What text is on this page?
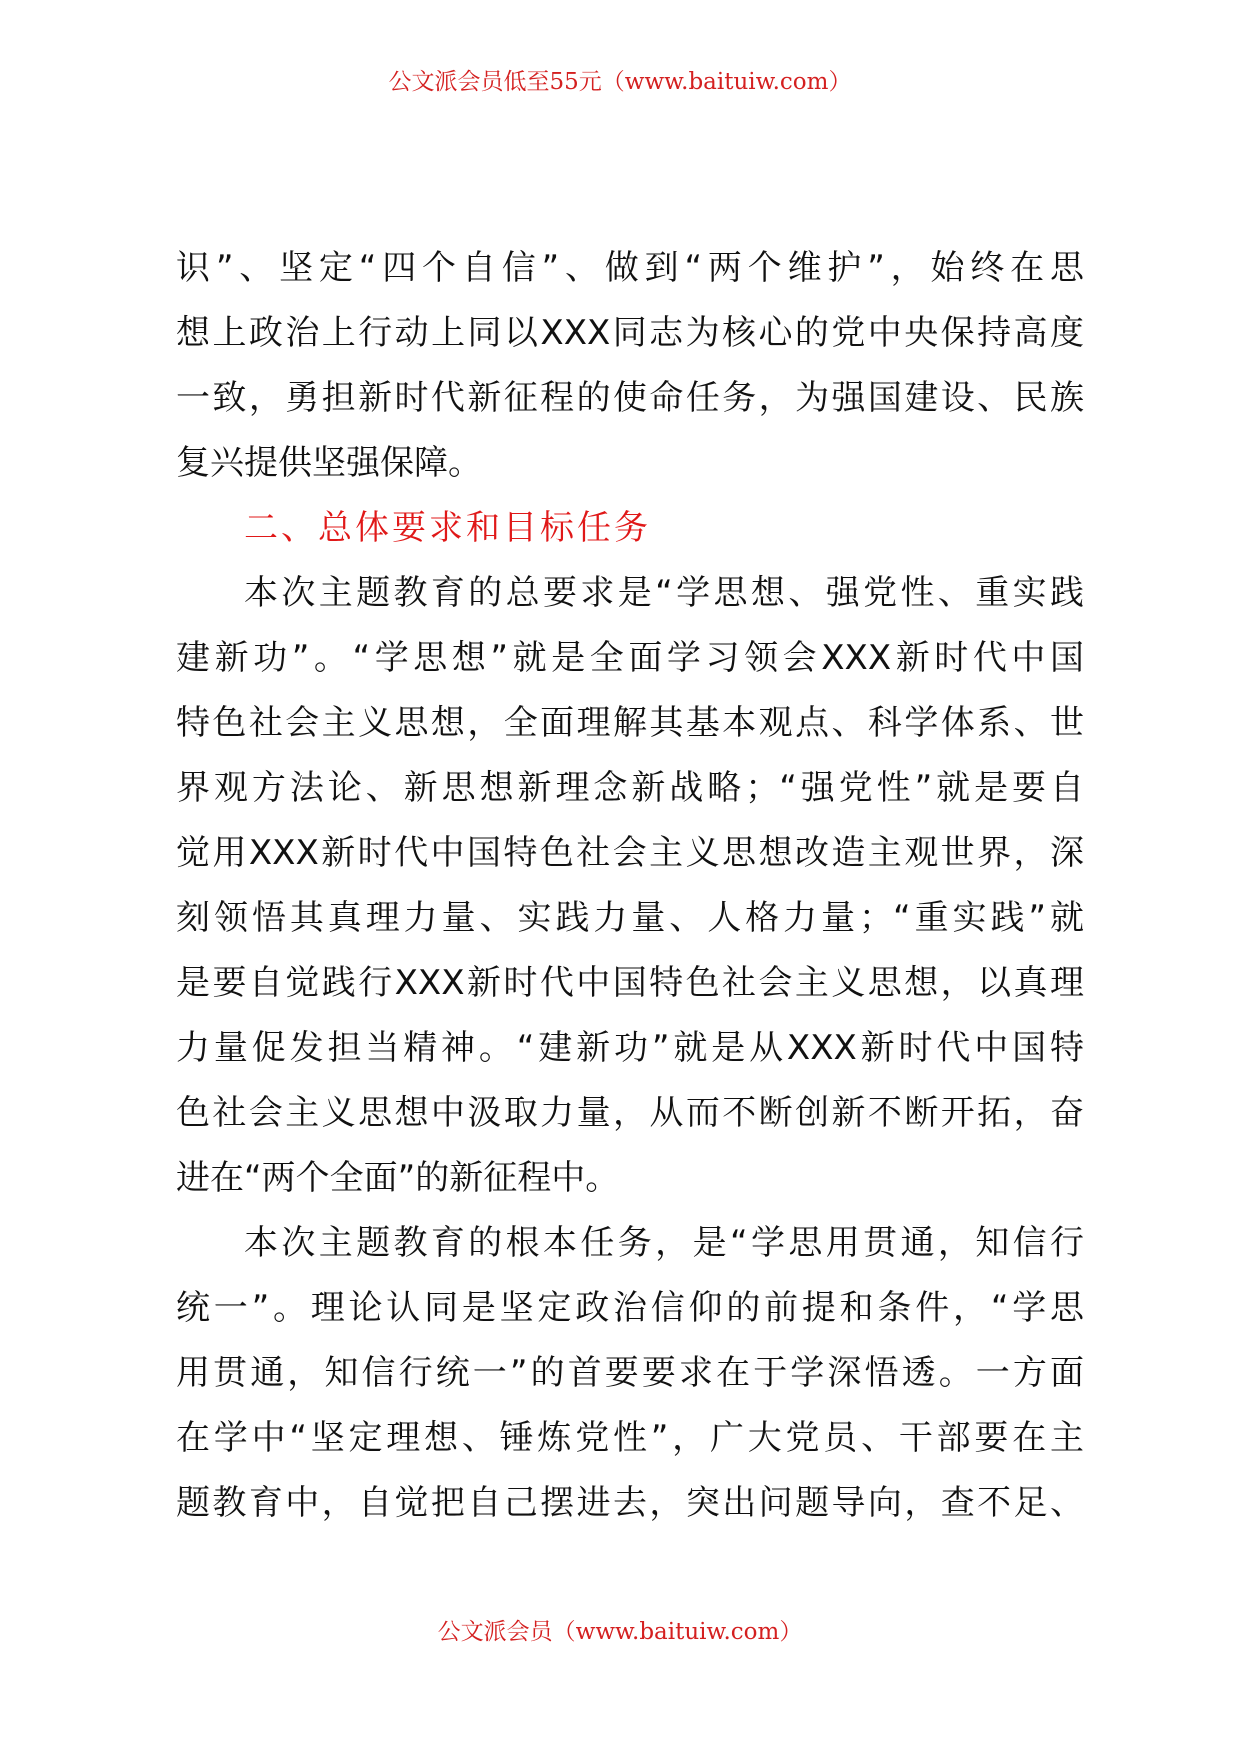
公文派会员低至55元（www.baituiw.com）
识”、坚定“四个自信”、做到“两个维护”，始终在思
想上政治上行动上同以XXX同志为核心的党中央保持高度
一致，勇担新时代新征程的使命任务，为强国建设、民族
复兴提供坚强保障。
二、总体要求和目标任务
本次主题教育的总要求是“学思想、强党性、重实践
建新功”。“学思想”就是全面学习领会XXX新时代中国
特色社会主义思想，全面理解其基本观点、科学体系、世
界观方法论、新思想新理念新战略；“强党性”就是要自
觉用XXX新时代中国特色社会主义思想改造主观世界，深
刻领悟其真理力量、实践力量、人格力量；“重实践”就
是要自觉践行XXX新时代中国特色社会主义思想，以真理
力量促发担当精神。“建新功”就是从XXX新时代中国特
色社会主义思想中汲取力量，从而不断创新不断开拓，奋
进在“两个全面”的新征程中。
本次主题教育的根本任务，是“学思用贯通，知信行
统一”。理论认同是坚定政治信仰的前提和条件，“学思
用贯通，知信行统一”的首要要求在于学深悟透。一方面
在学中“坚定理想、锤炼党性”，广大党员、干部要在主
题教育中，自觉把自己摆进去，突出问题导向，查不足、
公文派会员（www.baituiw.com）
